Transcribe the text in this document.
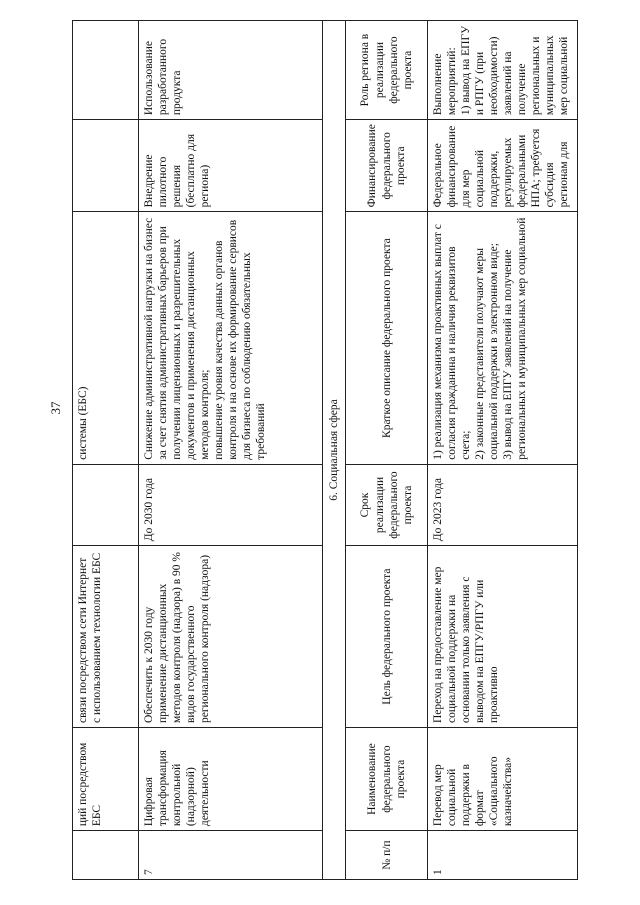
37

	ций посредством ЕБС	связи посредством сети Интернет с использованием технологии ЕБС		системы (ЕБС)		

7	Цифровая трансформация контрольной (надзорной) деятельности	Обеспечить к 2030 году применение дистанционных методов контроля (надзора) в 90 % видов государственного регионального контроля (надзора)	До 2030 года	Снижение административной нагрузки на бизнес за счет снятия административных барьеров при получении лицензионных и разрешительных документов и применения дистанционных методов контроля;
повышение уровня качества данных органов контроля и на основе их формирование сервисов для бизнеса по соблюдению обязательных требований	Внедрение пилотного решения (бесплатно для региона)	Использование разработанного продукта

6. Социальная сфера						
№ п/п	Наименование федерального проекта	Цель федерального проекта	Срок реализации федерального проекта	Краткое описание федерального проекта	Финансирование федерального проекта	Роль региона в реализации федерального проекта

1	Перевод мер социальной поддержки в формат «Социального казначейства»	Переход на предоставление мер социальной поддержки на основании только заявления с выводом на ЕПГУ/РПГУ или проактивно	До 2023 года	1) реализация механизма проактивных выплат с согласия гражданина и наличия реквизитов счета;
2) законные представители получают меры социальной поддержки в электронном виде;
3) вывод на ЕПГУ заявлений на получение региональных и муниципальных мер социальной	Федеральное финансирование для мер социальной поддержки, регулируемых федеральными НПА; требуется субсидия регионам для	Выполнение мероприятий:
1) вывод на ЕПГУ и РПГУ (при необходимости) заявлений на получение региональных и муниципальных мер социальной
